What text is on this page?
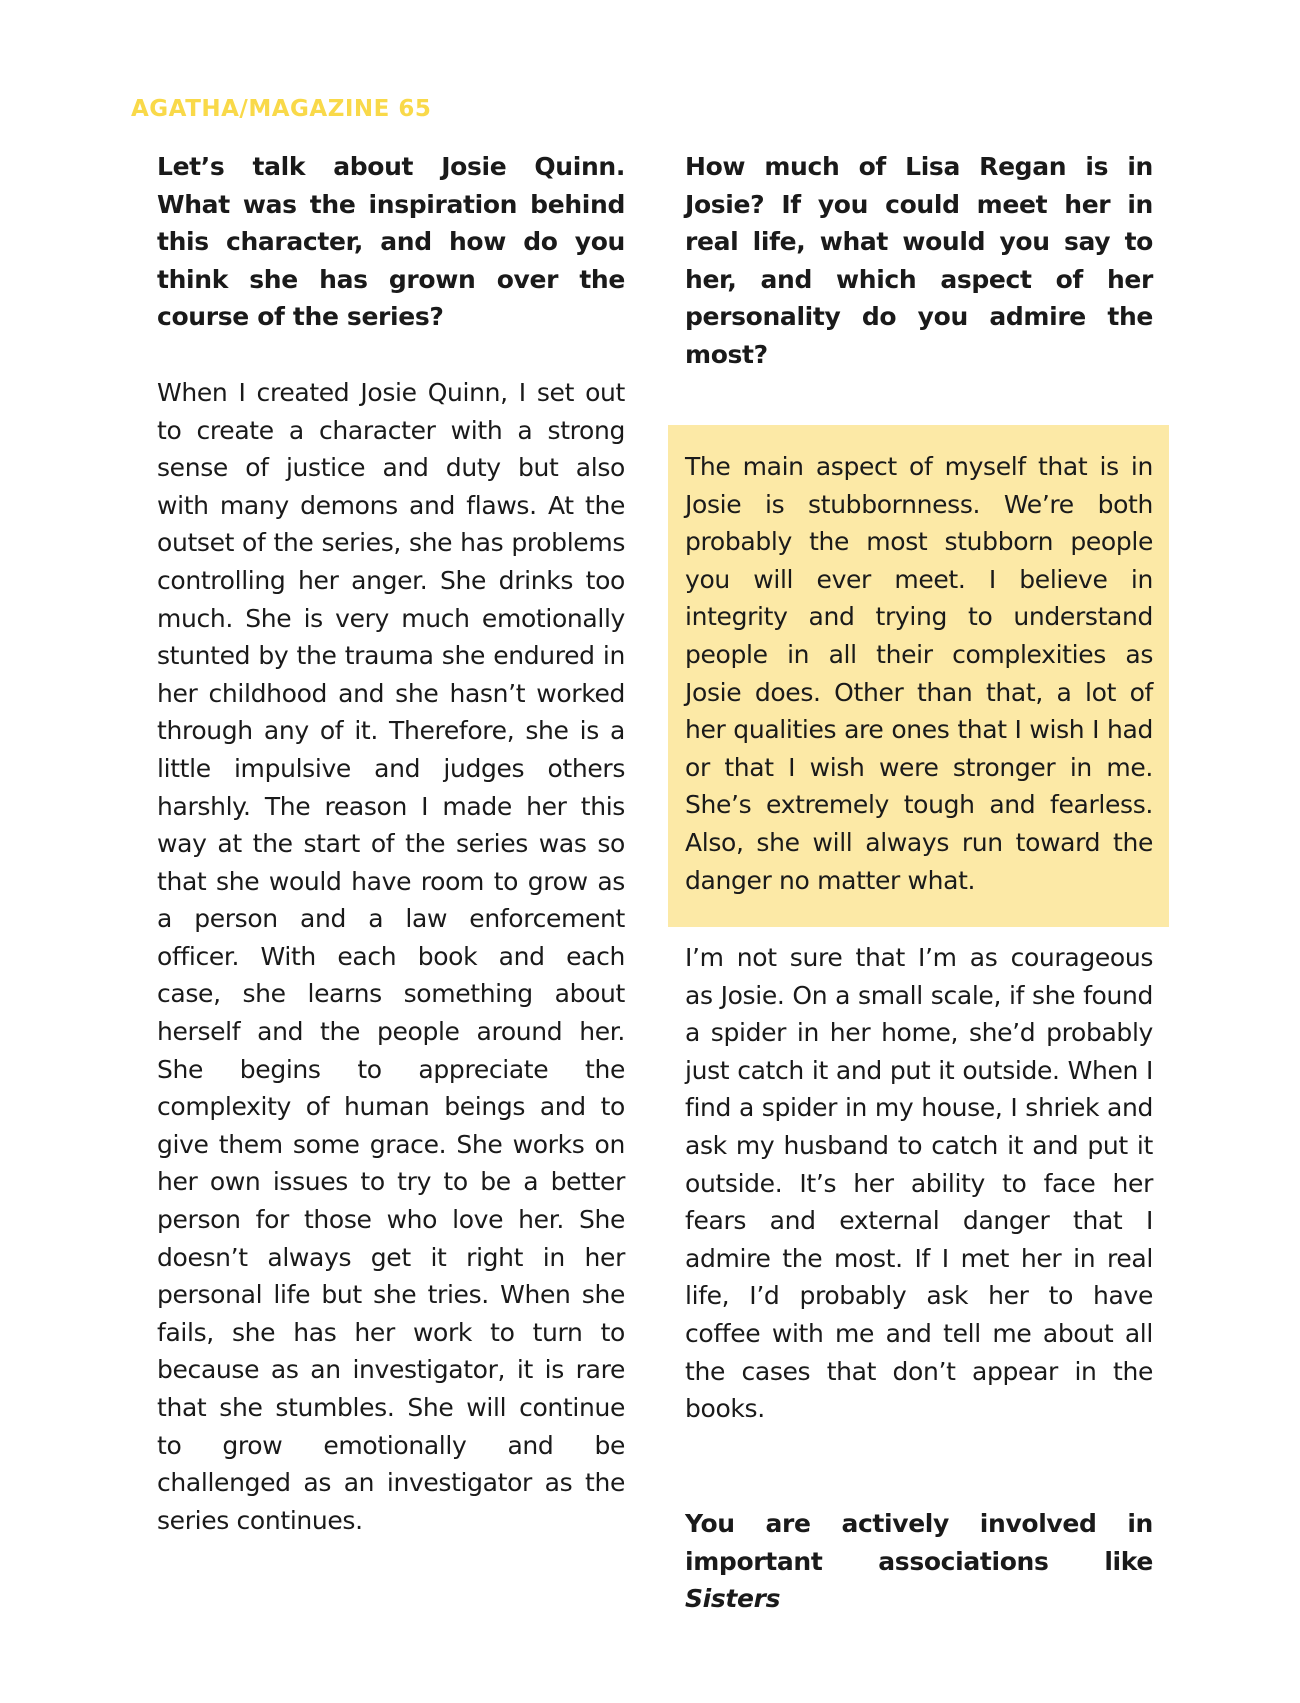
AGATHA/MAGAZINE 65

Let’s talk about Josie Quinn. What was the inspiration behind this character, and how do you think she has grown over the course of the series?

When I created Josie Quinn, I set out to create a character with a strong sense of justice and duty but also with many demons and flaws. At the outset of the series, she has problems controlling her anger. She drinks too much. She is very much emotionally stunted by the trauma she endured in her childhood and she hasn’t worked through any of it. Therefore, she is a little impulsive and judges others harshly. The reason I made her this way at the start of the series was so that she would have room to grow as a person and a law enforcement officer. With each book and each case, she learns something about herself and the people around her. She begins to appreciate the complexity of human beings and to give them some grace. She works on her own issues to try to be a better person for those who love her. She doesn’t always get it right in her personal life but she tries. When she fails, she has her work to turn to because as an investigator, it is rare that she stumbles. She will continue to grow emotionally and be challenged as an investigator as the series continues.

How much of Lisa Regan is in Josie? If you could meet her in real life, what would you say to her, and which aspect of her personality do you admire the most?

The main aspect of myself that is in Josie is stubbornness. We’re both probably the most stubborn people you will ever meet. I believe in integrity and trying to understand people in all their complexities as Josie does. Other than that, a lot of her qualities are ones that I wish I had or that I wish were stronger in me. She’s extremely tough and fearless. Also, she will always run toward the danger no matter what.

I’m not sure that I’m as courageous as Josie. On a small scale, if she found a spider in her home, she’d probably just catch it and put it outside. When I find a spider in my house, I shriek and ask my husband to catch it and put it outside. It’s her ability to face her fears and external danger that I admire the most. If I met her in real life, I’d probably ask her to have coffee with me and tell me about all the cases that don’t appear in the books.

You are actively involved in important associations like Sisters
